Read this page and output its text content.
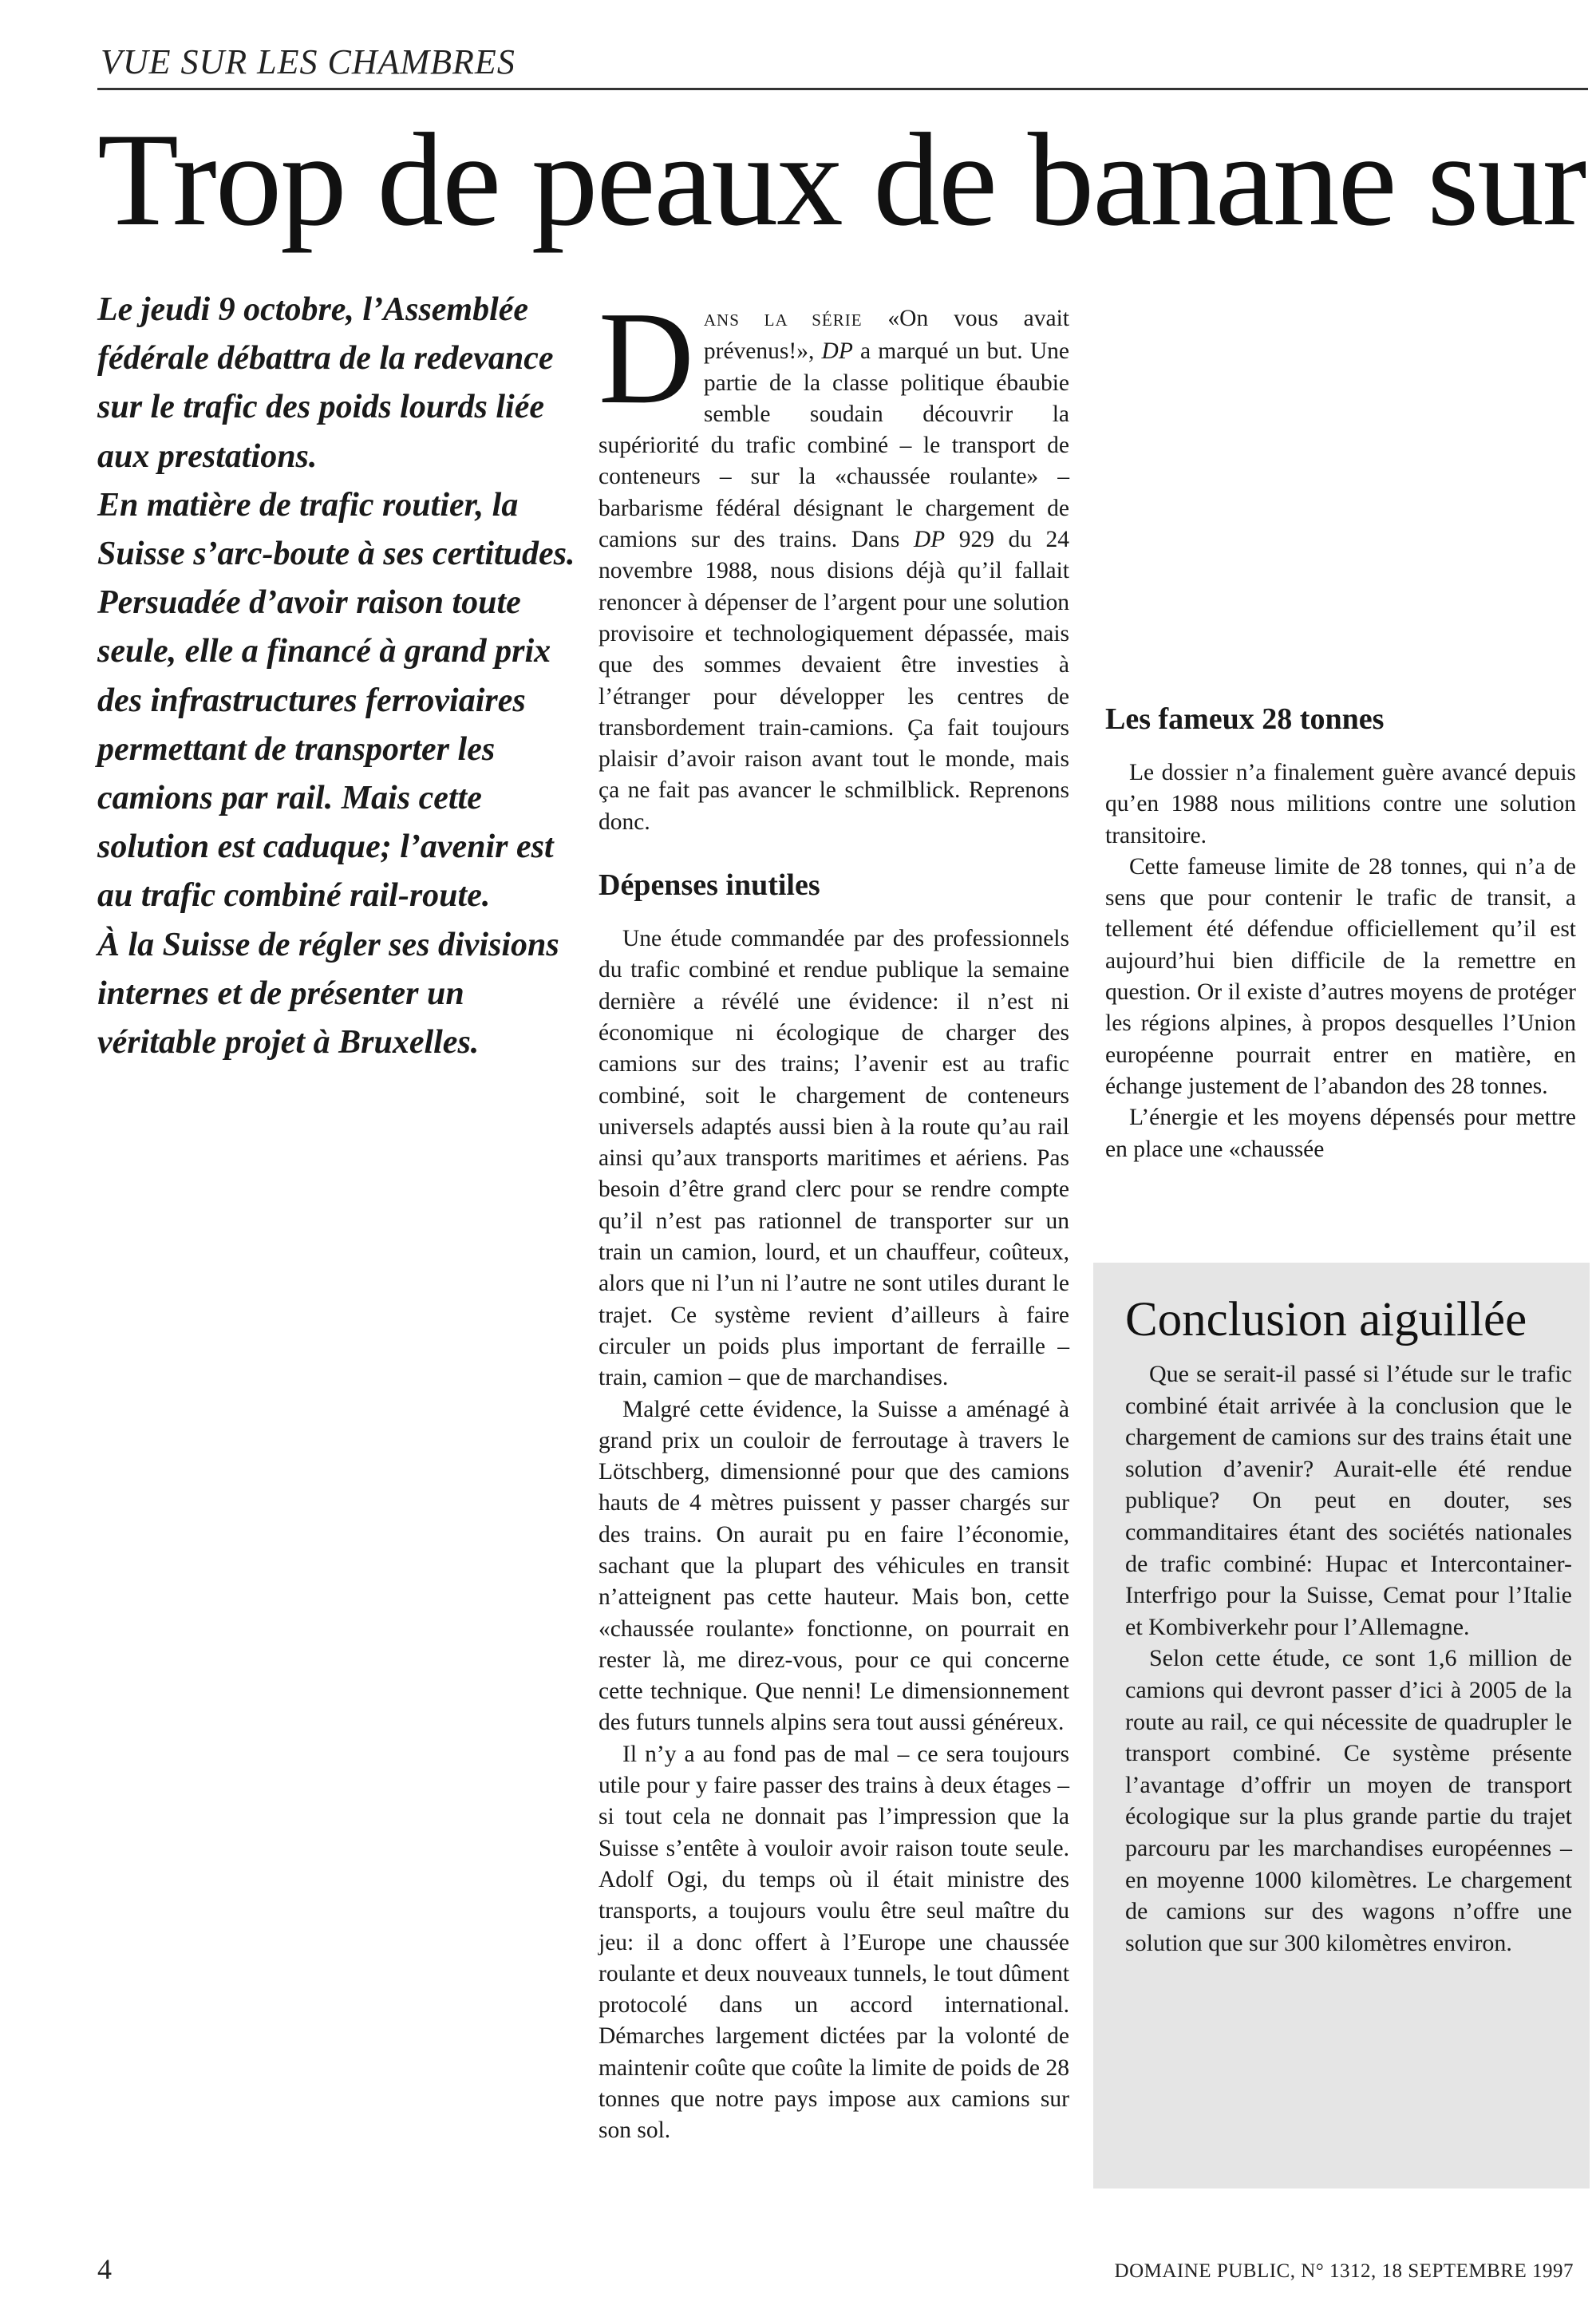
VUE SUR LES CHAMBRES
Trop de peaux de banane sur

Le jeudi 9 octobre, l’Assemblée fédérale débattra de la redevance sur le trafic des poids lourds liée aux prestations.

En matière de trafic routier, la Suisse s’arc-boute à ses certitudes. Persuadée d’avoir raison toute seule, elle a financé à grand prix des infrastructures ferroviaires permettant de transporter les camions par rail. Mais cette solution est caduque; l’avenir est au trafic combiné rail-route.

À la Suisse de régler ses divisions internes et de présenter un véritable projet à Bruxelles.

DANS LA SÉRIE «On vous avait prévenus!», DP a marqué un but. Une partie de la classe politique ébaubie semble soudain découvrir la supériorité du trafic combiné – le transport de conteneurs – sur la «chaussée roulante» – barbarisme fédéral désignant le chargement de camions sur des trains. Dans DP 929 du 24 novembre 1988, nous disions déjà qu’il fallait renoncer à dépenser de l’argent pour une solution provisoire et technologiquement dépassée, mais que des sommes devaient être investies à l’étranger pour développer les centres de transbordement train-camions. Ça fait toujours plaisir d’avoir raison avant tout le monde, mais ça ne fait pas avancer le schmilblick. Reprenons donc.

Dépenses inutiles

Une étude commandée par des professionnels du trafic combiné et rendue publique la semaine dernière a révélé une évidence: il n’est ni économique ni écologique de charger des camions sur des trains; l’avenir est au trafic combiné, soit le chargement de conteneurs universels adaptés aussi bien à la route qu’au rail ainsi qu’aux transports maritimes et aériens. Pas besoin d’être grand clerc pour se rendre compte qu’il n’est pas rationnel de transporter sur un train un camion, lourd, et un chauffeur, coûteux, alors que ni l’un ni l’autre ne sont utiles durant le trajet. Ce système revient d’ailleurs à faire circuler un poids plus important de ferraille – train, camion – que de marchandises.

Malgré cette évidence, la Suisse a aménagé à grand prix un couloir de ferroutage à travers le Lötschberg, dimensionné pour que des camions hauts de 4 mètres puissent y passer chargés sur des trains. On aurait pu en faire l’économie, sachant que la plupart des véhicules en transit n’atteignent pas cette hauteur. Mais bon, cette «chaussée roulante» fonctionne, on pourrait en rester là, me direz-vous, pour ce qui concerne cette technique. Que nenni! Le dimensionnement des futurs tunnels alpins sera tout aussi généreux.

Il n’y a au fond pas de mal – ce sera toujours utile pour y faire passer des trains à deux étages – si tout cela ne donnait pas l’impression que la Suisse s’entête à vouloir avoir raison toute seule. Adolf Ogi, du temps où il était ministre des transports, a toujours voulu être seul maître du jeu: il a donc offert à l’Europe une chaussée roulante et deux nouveaux tunnels, le tout dûment protocolé dans un accord international. Démarches largement dictées par la volonté de maintenir coûte que coûte la limite de poids de 28 tonnes que notre pays impose aux camions sur son sol.

Les fameux 28 tonnes

Le dossier n’a finalement guère avancé depuis qu’en 1988 nous militions contre une solution transitoire.

Cette fameuse limite de 28 tonnes, qui n’a de sens que pour contenir le trafic de transit, a tellement été défendue officiellement qu’il est aujourd’hui bien difficile de la remettre en question. Or il existe d’autres moyens de protéger les régions alpines, à propos desquelles l’Union européenne pourrait entrer en matière, en échange justement de l’abandon des 28 tonnes.

L’énergie et les moyens dépensés pour mettre en place une «chaussée

Conclusion aiguillée

Que se serait-il passé si l’étude sur le trafic combiné était arrivée à la conclusion que le chargement de camions sur des trains était une solution d’avenir? Aurait-elle été rendue publique? On peut en douter, ses commanditaires étant des sociétés nationales de trafic combiné: Hupac et Intercontainer-Interfrigo pour la Suisse, Cemat pour l’Italie et Kombiverkehr pour l’Allemagne.

Selon cette étude, ce sont 1,6 million de camions qui devront passer d’ici à 2005 de la route au rail, ce qui nécessite de quadrupler le transport combiné. Ce système présente l’avantage d’offrir un moyen de transport écologique sur la plus grande partie du trajet parcouru par les marchandises européennes – en moyenne 1000 kilomètres. Le chargement de camions sur des wagons n’offre une solution que sur 300 kilomètres environ.

4	DOMAINE PUBLIC, N° 1312, 18 SEPTEMBRE 1997
